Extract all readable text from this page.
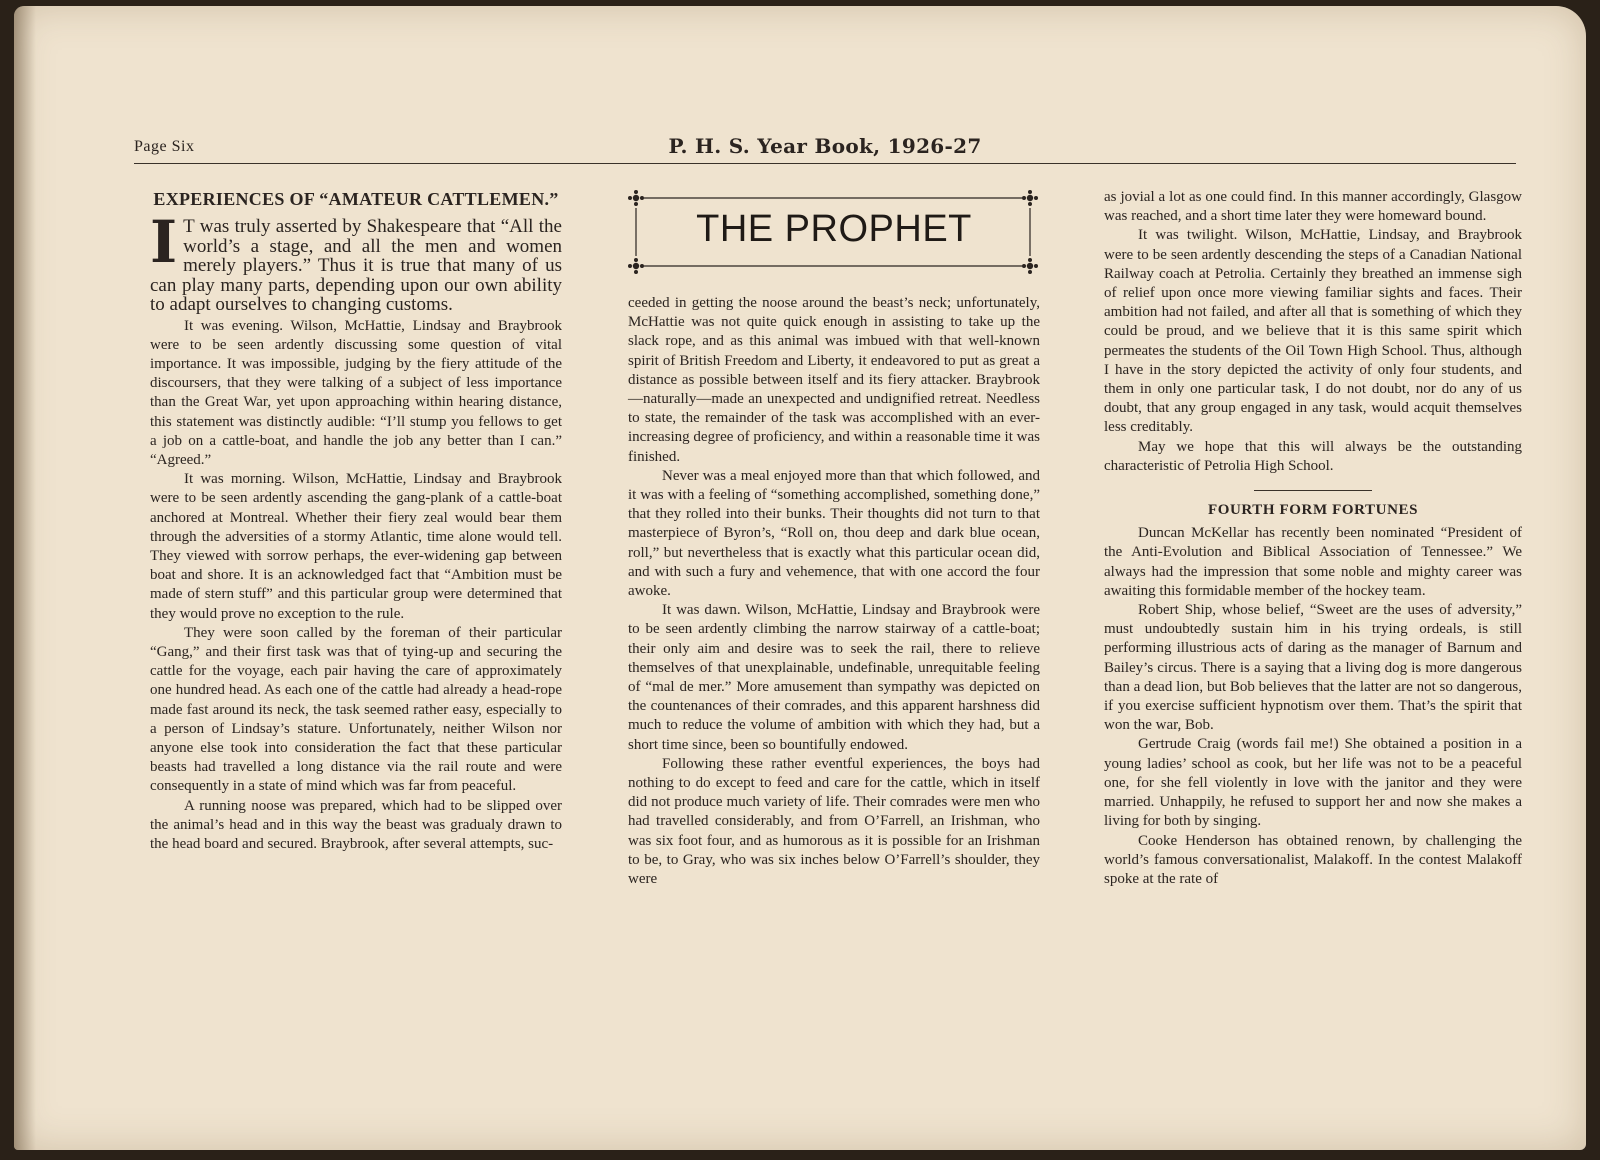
Page Six	P. H. S. Year Book, 1926-27
EXPERIENCES OF “AMATEUR CATTLEMEN.”

I T was truly asserted by Shakespeare that “All the world’s a stage, and all the men and women merely players.” Thus it is true that many of us can play many parts, depending upon our own ability to adapt ourselves to changing customs.

It was evening. Wilson, McHattie, Lindsay and Braybrook were to be seen ardently discussing some question of vital importance. It was impossible, judging by the fiery attitude of the discoursers, that they were talking of a subject of less importance than the Great War, yet upon approaching within hearing distance, this statement was distinctly audible: “I’ll stump you fellows to get a job on a cattle-boat, and handle the job any better than I can.” “Agreed.”

It was morning. Wilson, McHattie, Lindsay and Braybrook were to be seen ardently ascending the gang-plank of a cattle-boat anchored at Montreal. Whether their fiery zeal would bear them through the adversities of a stormy Atlantic, time alone would tell. They viewed with sorrow perhaps, the ever-widening gap between boat and shore. It is an acknowledged fact that “Ambition must be made of stern stuff” and this particular group were determined that they would prove no exception to the rule.

They were soon called by the foreman of their particular “Gang,” and their first task was that of tying-up and securing the cattle for the voyage, each pair having the care of approximately one hundred head. As each one of the cattle had already a head-rope made fast around its neck, the task seemed rather easy, especially to a person of Lindsay’s stature. Unfortunately, neither Wilson nor anyone else took into consideration the fact that these particular beasts had travelled a long distance via the rail route and were consequently in a state of mind which was far from peaceful.

A running noose was prepared, which had to be slipped over the animal’s head and in this way the beast was gradualy drawn to the head board and secured. Braybrook, after several attempts, suc-

THE PROPHET

ceeded in getting the noose around the beast’s neck; unfortunately, McHattie was not quite quick enough in assisting to take up the slack rope, and as this animal was imbued with that well-known spirit of British Freedom and Liberty, it endeavored to put as great a distance as possible between itself and its fiery attacker. Braybrook—naturally—made an unexpected and undignified retreat. Needless to state, the remainder of the task was accomplished with an ever-increasing degree of proficiency, and within a reasonable time it was finished.

Never was a meal enjoyed more than that which followed, and it was with a feeling of “something accomplished, something done,” that they rolled into their bunks. Their thoughts did not turn to that masterpiece of Byron’s, “Roll on, thou deep and dark blue ocean, roll,” but nevertheless that is exactly what this particular ocean did, and with such a fury and vehemence, that with one accord the four awoke.

It was dawn. Wilson, McHattie, Lindsay and Braybrook were to be seen ardently climbing the narrow stairway of a cattle-boat; their only aim and desire was to seek the rail, there to relieve themselves of that unexplainable, undefinable, unrequitable feeling of “mal de mer.” More amusement than sympathy was depicted on the countenances of their comrades, and this apparent harshness did much to reduce the volume of ambition with which they had, but a short time since, been so bountifully endowed.

Following these rather eventful experiences, the boys had nothing to do except to feed and care for the cattle, which in itself did not produce much variety of life. Their comrades were men who had travelled considerably, and from O’Farrell, an Irishman, who was six foot four, and as humorous as it is possible for an Irishman to be, to Gray, who was six inches below O’Farrell’s shoulder, they were

as jovial a lot as one could find. In this manner accordingly, Glasgow was reached, and a short time later they were homeward bound.

It was twilight. Wilson, McHattie, Lindsay, and Braybrook were to be seen ardently descending the steps of a Canadian National Railway coach at Petrolia. Certainly they breathed an immense sigh of relief upon once more viewing familiar sights and faces. Their ambition had not failed, and after all that is something of which they could be proud, and we believe that it is this same spirit which permeates the students of the Oil Town High School. Thus, although I have in the story depicted the activity of only four students, and them in only one particular task, I do not doubt, nor do any of us doubt, that any group engaged in any task, would acquit themselves less creditably.

May we hope that this will always be the outstanding characteristic of Petrolia High School.

FOURTH FORM FORTUNES

Duncan McKellar has recently been nominated “President of the Anti-Evolution and Biblical Association of Tennessee.” We always had the impression that some noble and mighty career was awaiting this formidable member of the hockey team.

Robert Ship, whose belief, “Sweet are the uses of adversity,” must undoubtedly sustain him in his trying ordeals, is still performing illustrious acts of daring as the manager of Barnum and Bailey’s circus. There is a saying that a living dog is more dangerous than a dead lion, but Bob believes that the latter are not so dangerous, if you exercise sufficient hypnotism over them. That’s the spirit that won the war, Bob.

Gertrude Craig (words fail me!) She obtained a position in a young ladies’ school as cook, but her life was not to be a peaceful one, for she fell violently in love with the janitor and they were married. Unhappily, he refused to support her and now she makes a living for both by singing.

Cooke Henderson has obtained renown, by challenging the world’s famous conversationalist, Malakoff. In the contest Malakoff spoke at the rate of
